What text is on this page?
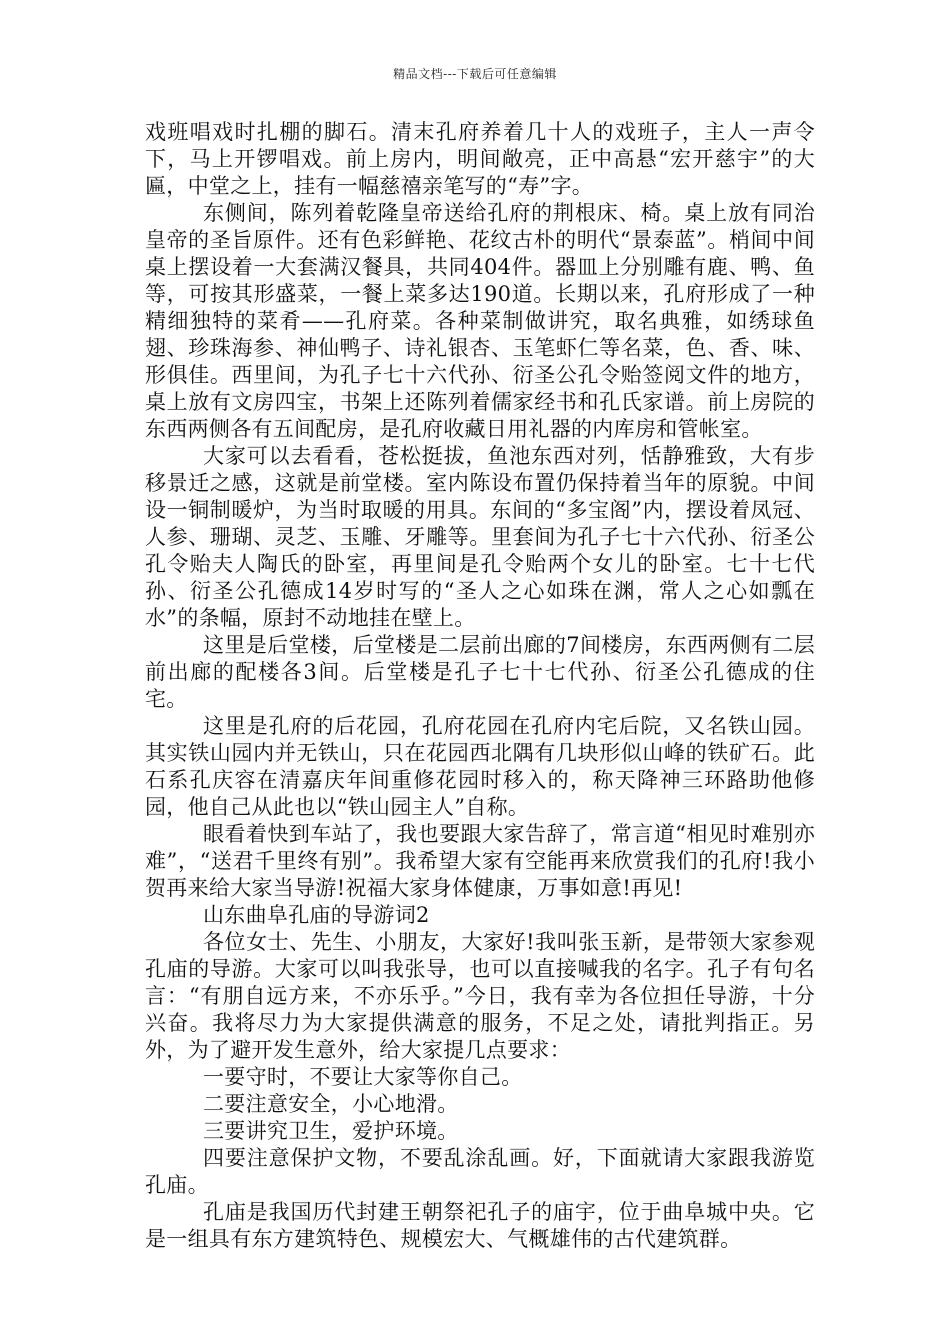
精品文档---下载后可任意编辑

戏班唱戏时扎棚的脚石。清末孔府养着几十人的戏班子，主人一声令下，马上开锣唱戏。前上房内，明间敞亮，正中高悬“宏开慈宇”的大匾，中堂之上，挂有一幅慈禧亲笔写的“寿”字。

东侧间，陈列着乾隆皇帝送给孔府的荆根床、椅。桌上放有同治皇帝的圣旨原件。还有色彩鲜艳、花纹古朴的明代“景泰蓝”。梢间中间桌上摆设着一大套满汉餐具，共同404件。器皿上分别雕有鹿、鸭、鱼等，可按其形盛菜，一餐上菜多达190道。长期以来，孔府形成了一种精细独特的菜肴——孔府菜。各种菜制做讲究，取名典雅，如绣球鱼翅、珍珠海参、神仙鸭子、诗礼银杏、玉笔虾仁等名菜，色、香、味、形俱佳。西里间，为孔子七十六代孙、衍圣公孔令贻签阅文件的地方，桌上放有文房四宝，书架上还陈列着儒家经书和孔氏家谱。前上房院的东西两侧各有五间配房，是孔府收藏日用礼器的内库房和管帐室。

大家可以去看看，苍松挺拔，鱼池东西对列，恬静雅致，大有步移景迁之感，这就是前堂楼。室内陈设布置仍保持着当年的原貌。中间设一铜制暖炉，为当时取暖的用具。东间的“多宝阁”内，摆设着凤冠、人参、珊瑚、灵芝、玉雕、牙雕等。里套间为孔子七十六代孙、衍圣公孔令贻夫人陶氏的卧室，再里间是孔令贻两个女儿的卧室。七十七代孙、衍圣公孔德成14岁时写的“圣人之心如珠在渊，常人之心如瓢在水”的条幅，原封不动地挂在壁上。

这里是后堂楼，后堂楼是二层前出廊的7间楼房，东西两侧有二层前出廊的配楼各3间。后堂楼是孔子七十七代孙、衍圣公孔德成的住宅。

这里是孔府的后花园，孔府花园在孔府内宅后院，又名铁山园。其实铁山园内并无铁山，只在花园西北隅有几块形似山峰的铁矿石。此石系孔庆容在清嘉庆年间重修花园时移入的，称天降神三环路助他修园，他自己从此也以“铁山园主人”自称。

眼看着快到车站了，我也要跟大家告辞了，常言道“相见时难别亦难”，“送君千里终有别”。我希望大家有空能再来欣赏我们的孔府!我小贺再来给大家当导游!祝福大家身体健康，万事如意!再见!

山东曲阜孔庙的导游词2

各位女士、先生、小朋友，大家好!我叫张玉新，是带领大家参观孔庙的导游。大家可以叫我张导，也可以直接喊我的名字。孔子有句名言：“有朋自远方来，不亦乐乎。”今日，我有幸为各位担任导游，十分兴奋。我将尽力为大家提供满意的服务，不足之处，请批判指正。另外，为了避开发生意外，给大家提几点要求：

一要守时，不要让大家等你自己。

二要注意安全，小心地滑。

三要讲究卫生，爱护环境。

四要注意保护文物，不要乱涂乱画。好，下面就请大家跟我游览孔庙。

孔庙是我国历代封建王朝祭祀孔子的庙宇，位于曲阜城中央。它是一组具有东方建筑特色、规模宏大、气概雄伟的古代建筑群。
